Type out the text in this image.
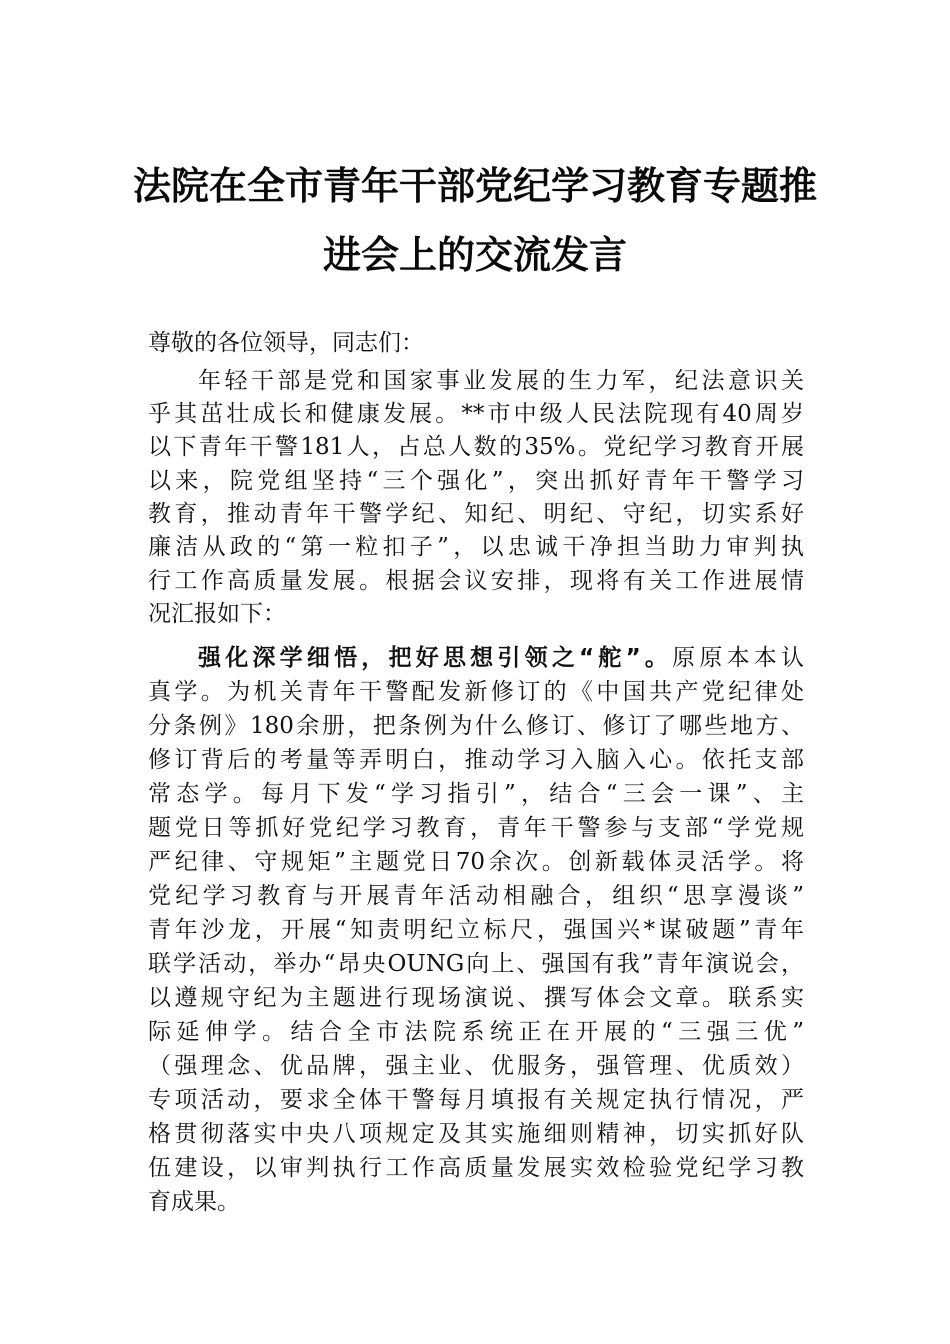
法院在全市青年干部党纪学习教育专题推
进会上的交流发言
尊敬的各位领导，同志们：
年轻干部是党和国家事业发展的生力军，纪法意识关
乎其茁壮成长和健康发展。**市中级人民法院现有40周岁
以下青年干警181人，占总人数的35%。党纪学习教育开展
以来，院党组坚持“三个强化”，突出抓好青年干警学习
教育，推动青年干警学纪、知纪、明纪、守纪，切实系好
廉洁从政的“第一粒扣子”，以忠诚干净担当助力审判执
行工作高质量发展。根据会议安排，现将有关工作进展情
况汇报如下：
强化深学细悟，把好思想引领之“舵”。原原本本认
真学。为机关青年干警配发新修订的《中国共产党纪律处
分条例》180余册，把条例为什么修订、修订了哪些地方、
修订背后的考量等弄明白，推动学习入脑入心。依托支部
常态学。每月下发“学习指引”，结合“三会一课”、主
题党日等抓好党纪学习教育，青年干警参与支部“学党规
严纪律、守规矩”主题党日70余次。创新载体灵活学。将
党纪学习教育与开展青年活动相融合，组织“思享漫谈”
青年沙龙，开展“知责明纪立标尺，强国兴*谋破题”青年
联学活动，举办“昂央OUNG向上、强国有我”青年演说会，
以遵规守纪为主题进行现场演说、撰写体会文章。联系实
际延伸学。结合全市法院系统正在开展的“三强三优”
（强理念、优品牌，强主业、优服务，强管理、优质效）
专项活动，要求全体干警每月填报有关规定执行情况，严
格贯彻落实中央八项规定及其实施细则精神，切实抓好队
伍建设，以审判执行工作高质量发展实效检验党纪学习教
育成果。
